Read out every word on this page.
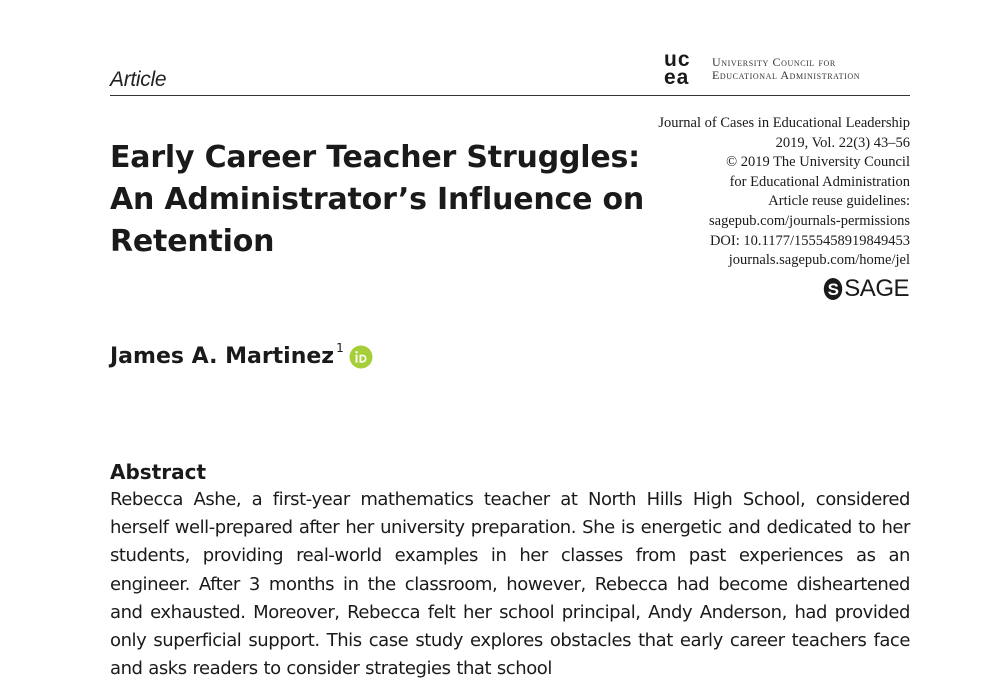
Article
uc
ea
University Council for
Educational Administration
Early Career Teacher Struggles: An Administrator’s Influence on Retention
Journal of Cases in Educational Leadership
2019, Vol. 22(3) 43–56
© 2019 The University Council
for Educational Administration
Article reuse guidelines:
sagepub.com/journals-permissions
DOI: 10.1177/1555458919849453
journals.sagepub.com/home/jel
S SAGE
James A. Martinez$^1$
Abstract

Rebecca Ashe, a first-year mathematics teacher at North Hills High School, considered herself well-prepared after her university preparation. She is energetic and dedicated to her students, providing real-world examples in her classes from past experiences as an engineer. After 3 months in the classroom, however, Rebecca had become disheartened and exhausted. Moreover, Rebecca felt her school principal, Andy Anderson, had provided only superficial support. This case study explores obstacles that early career teachers face and asks readers to consider strategies that school
